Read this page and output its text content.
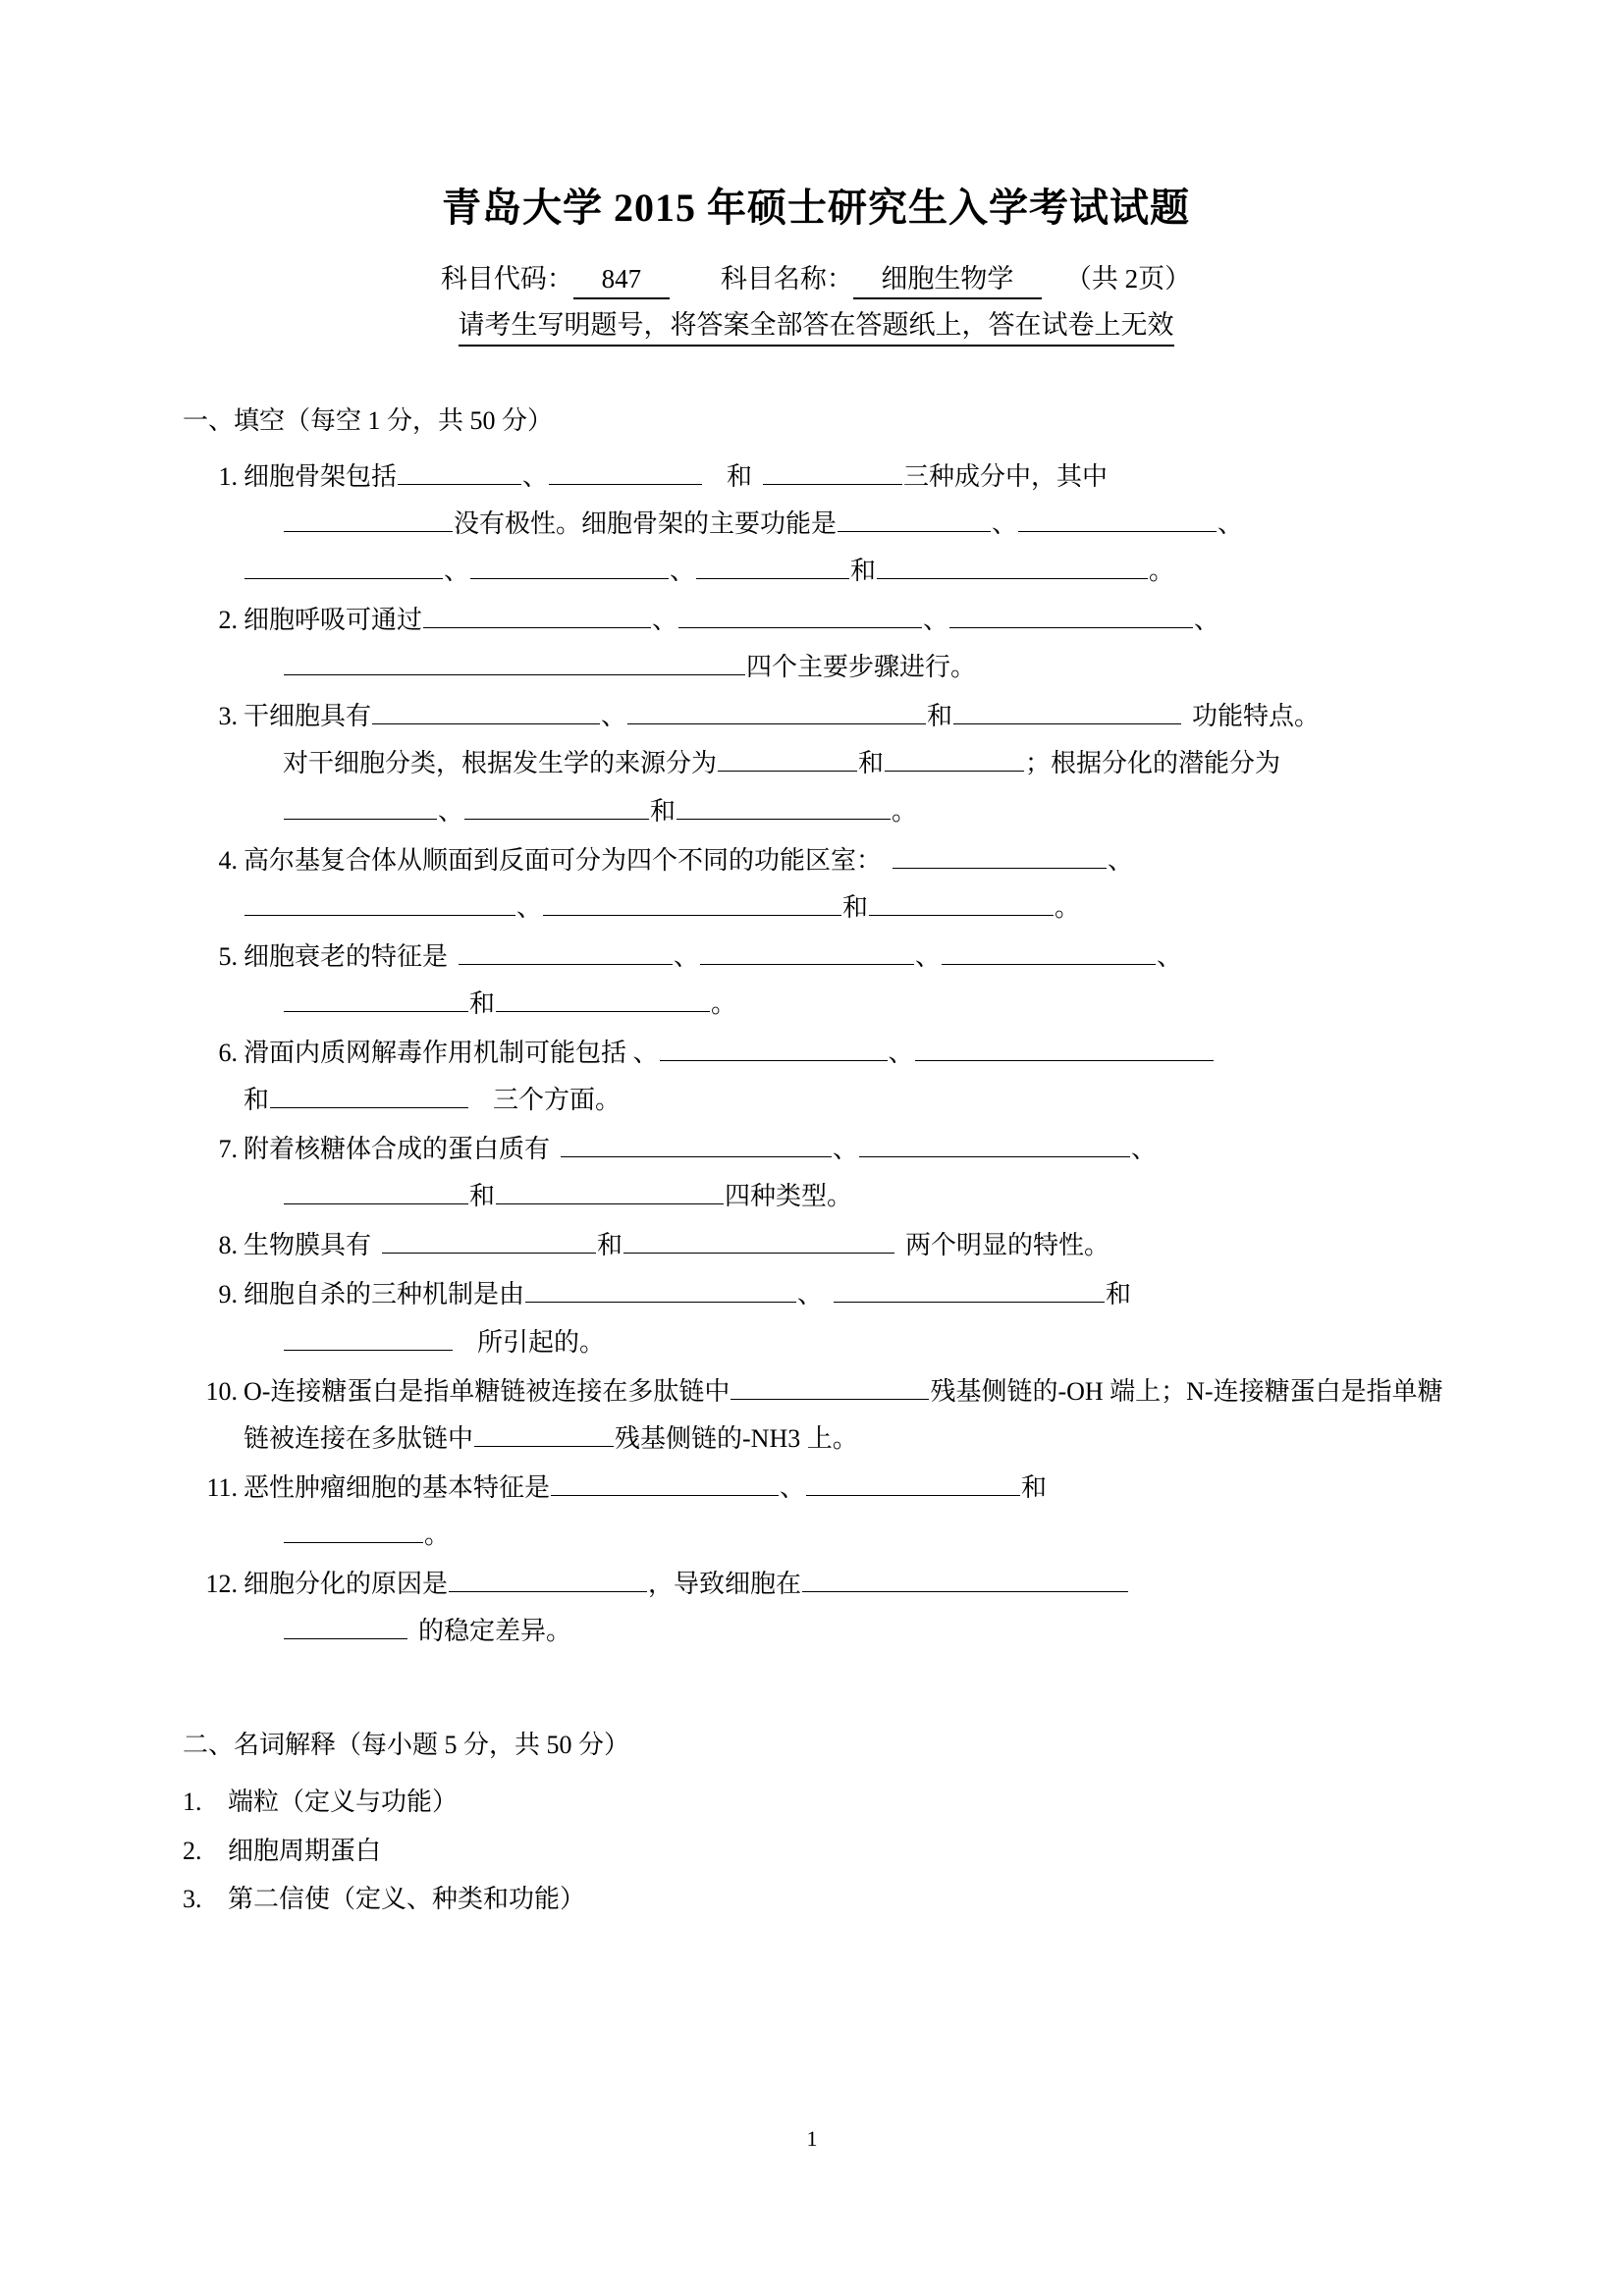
青岛大学 2015 年硕士研究生入学考试试题
科目代码： 847	科目名称： 细胞生物学 （共 2页）
请考生写明题号，将答案全部答在答题纸上，答在试卷上无效
一、填空（每空 1 分，共 50 分）
1. 细胞骨架包括	、	和	三种成分中，其中
没有极性。细胞骨架的主要功能是	、	、
、	、	和	。
2. 细胞呼吸可通过	、	、	、
四个主要步骤进行。
3. 干细胞具有	、	和	功能特点。
对干细胞分类，根据发生学的来源分为	和	；根据分化的潜能分为
、	和	。
4. 高尔基复合体从顺面到反面可分为四个不同的功能区室：	、
、	和	。
5. 细胞衰老的特征是	、	、	、
和	。
6. 滑面内质网解毒作用机制可能包括 、	、
和	三个方面。
7. 附着核糖体合成的蛋白质有	、	、
和	四种类型。
8. 生物膜具有	和	两个明显的特性。
9. 细胞自杀的三种机制是由	、	和
所引起的。
10. O-连接糖蛋白是指单糖链被连接在多肽链中	残基侧链的-OH 端上；N-连接糖蛋白是指单糖链被连接在多肽链中	残基侧链的-NH3 上。
11. 恶性肿瘤细胞的基本特征是	、	和
。
12. 细胞分化的原因是	，导致细胞在
的稳定差异。
二、名词解释（每小题 5 分，共 50 分）
1.	端粒（定义与功能）
2.	细胞周期蛋白
3.	第二信使（定义、种类和功能）
1
